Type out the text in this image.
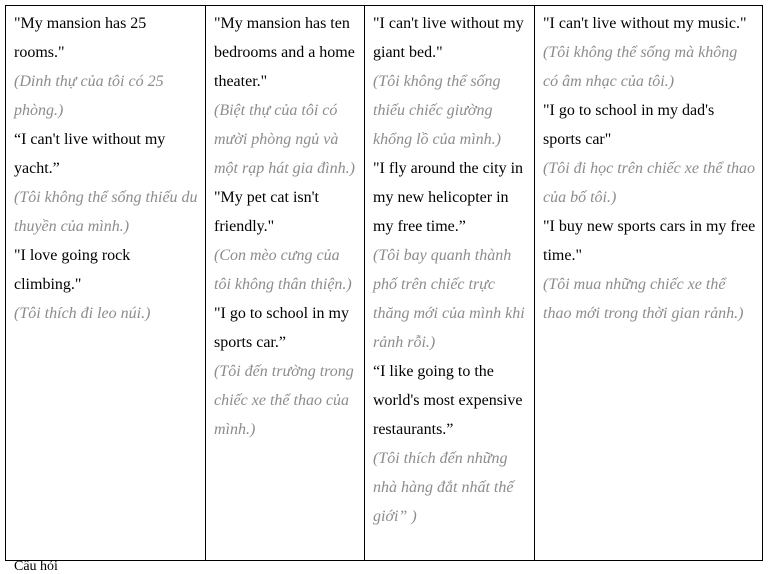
"My mansion has 25 rooms."
(Dinh thự của tôi có 25 phòng.)
“I can't live without my yacht.”
(Tôi không thể sống thiếu du thuyền của mình.)
"I love going rock climbing."
(Tôi thích đi leo núi.)

"My mansion has ten bedrooms and a home theater."
(Biệt thự của tôi có mười phòng ngủ và một rạp hát gia đình.)
"My pet cat isn't friendly."
(Con mèo cưng của tôi không thân thiện.)
"I go to school in my sports car.”
(Tôi đến trường trong chiếc xe thể thao của mình.)

"I can't live without my giant bed."
(Tôi không thể sống thiếu chiếc giường khổng lồ của mình.)
"I fly around the city in my new helicopter in my free time.”
(Tôi bay quanh thành phố trên chiếc trực thăng mới của mình khi rảnh rỗi.)
“I like going to the world's most expensive restaurants.”
(Tôi thích đến những nhà hàng đắt nhất thế giới” )

"I can't live without my music."
(Tôi không thể sống mà không có âm nhạc của tôi.)
"I go to school in my dad's sports car"
(Tôi đi học trên chiếc xe thể thao của bố tôi.)
"I buy new sports cars in my free time."
(Tôi mua những chiếc xe thể thao mới trong thời gian rảnh.)
Câu hỏi
